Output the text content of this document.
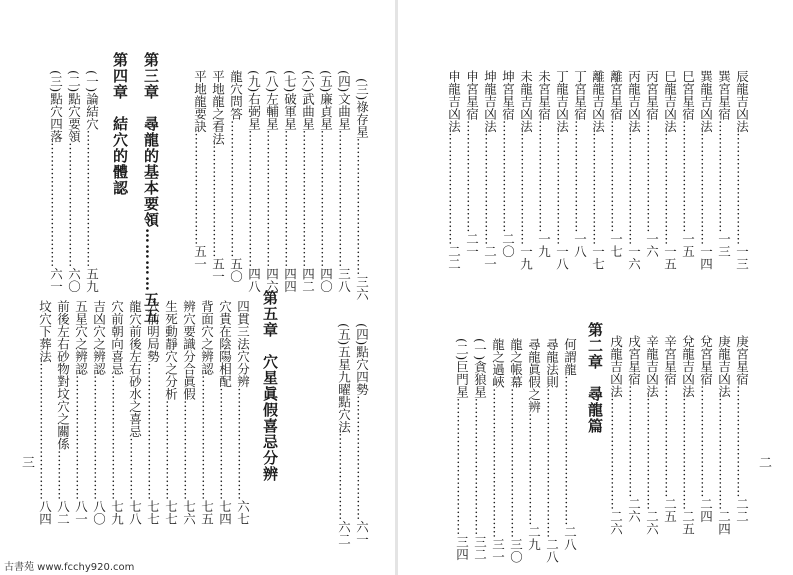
(三)祿存星……………………………三六
(四)文曲星……………………………三八
(五)廉貞星……………………………四〇
(六)武曲星……………………………四二
(七)破軍星……………………………四四
(八)左輔星……………………………四六
(九)右弼星……………………………四八
龍穴問答……………………………五〇
平地龍之看法………………………五一
平地龍要訣………………………五一
第三章　尋龍的基本要領…………五五
第四章　結穴的體認
(一)論結穴……………………………五九
(二)點穴要領…………………………六〇
(三)點穴四落…………………………六一
(四)點穴四勢…………………………六一
(五)五星九曜點穴法…………………六二
第五章　穴星眞假喜忌分辨
四貫三法穴分辨………………………六七
穴貴在陰陽相配………………………七四
背面穴之辨認…………………………七五
辨穴要識分合眞假……………………七六
生死動靜穴之分析……………………七七
穴前明局勢……………………………七七
龍穴前後左右砂水之喜忌……………七八
穴前朝向喜忌…………………………七九
吉凶穴之辨認…………………………八〇
五星穴之辨認…………………………八一
前後左右砂物對坟穴之關係…………八二
坟穴下葬法……………………………八四
三
辰龍吉凶法………………………一三
巽宮星宿………………………一三
巽龍吉凶法………………………一四
巳宮星宿………………………一五
巳龍吉凶法………………………一五
丙宮星宿………………………一六
丙龍吉凶法………………………一六
離宮星宿………………………一七
離龍吉凶法………………………一七
丁宮星宿………………………一八
丁龍吉凶法………………………一八
未宮星宿………………………一九
未龍吉凶法………………………一九
坤宮星宿………………………二〇
坤龍吉凶法………………………二一
申宮星宿………………………二一
申龍吉凶法………………………二二
庚宮星宿………………………二二
庚龍吉凶法………………………二四
兌宮星宿………………………二四
兌龍吉凶法………………………二五
辛宮星宿………………………二五
辛龍吉凶法………………………二六
戌宮星宿………………………二六
戌龍吉凶法………………………二六
第二章　尋龍篇
何謂龍………………………………二八
尋龍法則………………………………二八
尋龍眞假之辨………………………二九
龍之帳幕………………………………三〇
龍之過峽………………………………三一
(一)貪狼星……………………………三二
(二)巨門星……………………………三四	二
古書苑 www.fcchy920.com
